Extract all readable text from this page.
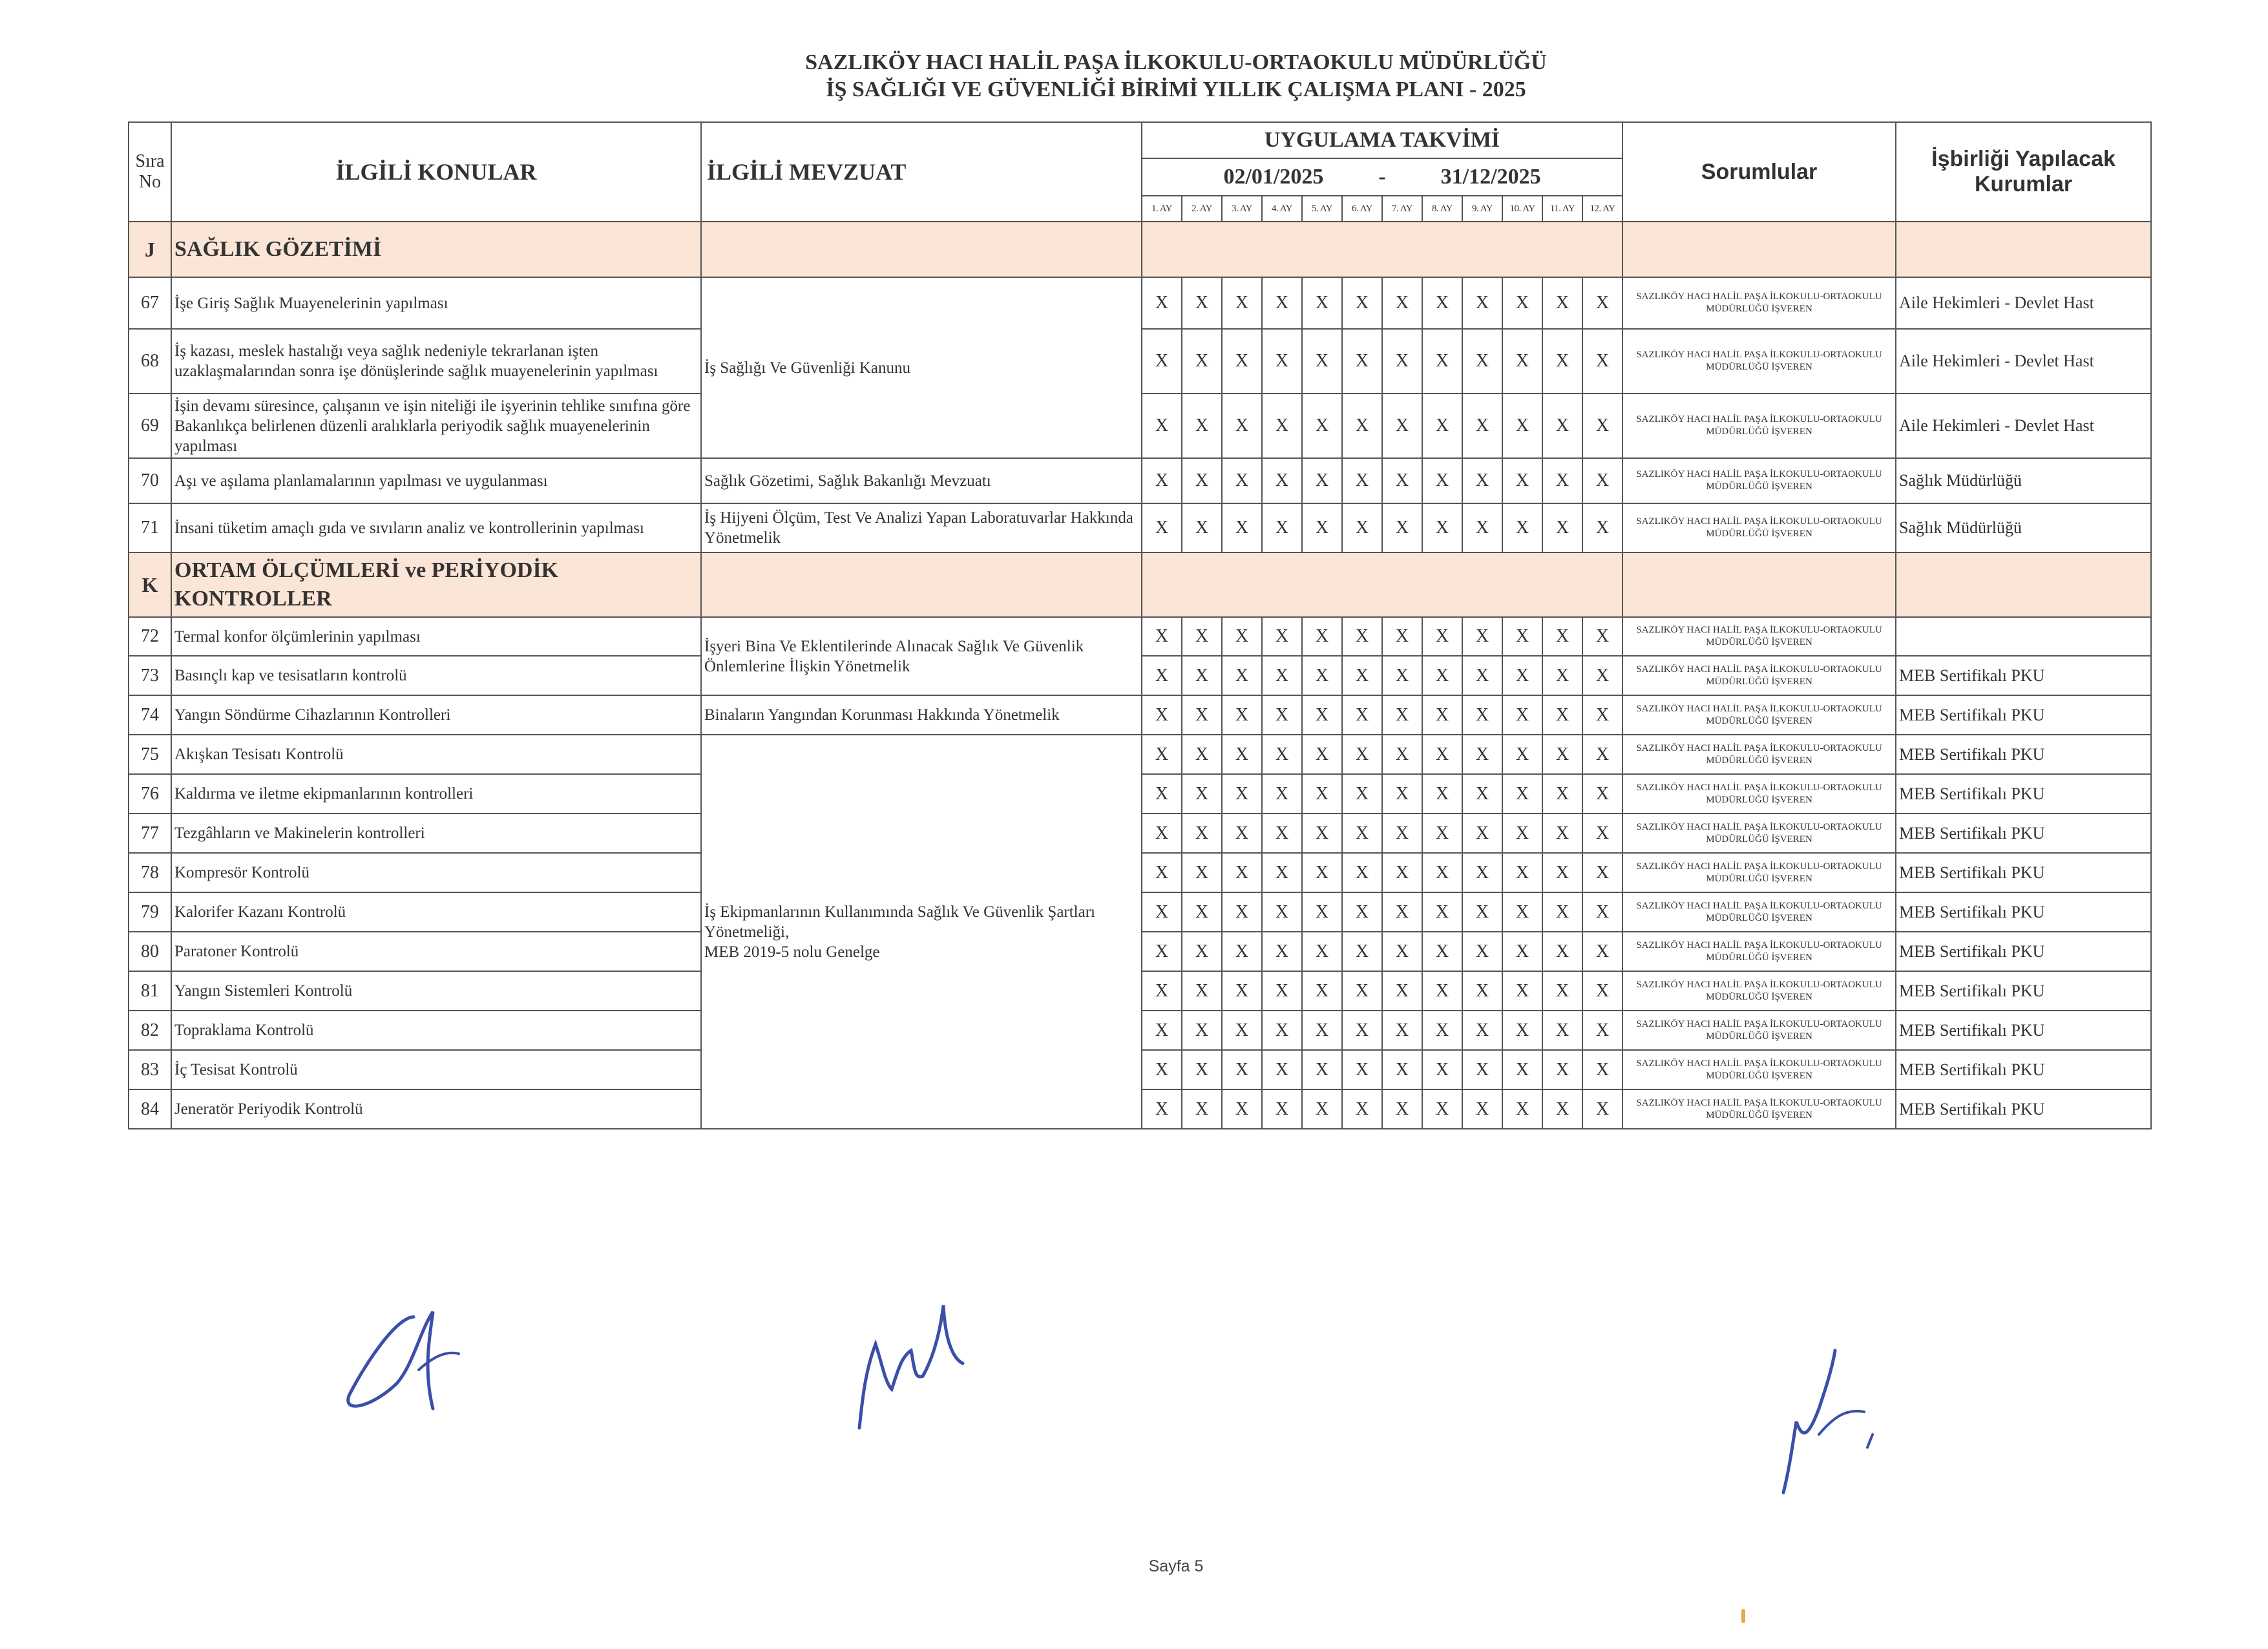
SAZLIKÖY HACI HALİL PAŞA İLKOKULU-ORTAOKULU MÜDÜRLÜĞÜ
İŞ SAĞLIĞI VE GÜVENLİĞİ BİRİMİ YILLIK ÇALIŞMA PLANI - 2025
Sıra No	İLGİLİ KONULAR	İLGİLİ MEVZUAT	UYGULAMA TAKVİMİ												Sorumlular	İşbirliği Yapılacak Kurumlar
			02/01/2025 - 31/12/2025													
			1. AY	2. AY	3. AY	4. AY	5. AY	6. AY	7. AY	8. AY	9. AY	10. AY	11. AY	12. AY		
J	SAĞLIK GÖZETİMİ															
67	İşe Giriş Sağlık Muayenelerinin yapılması	İş Sağlığı Ve Güvenliği Kanunu	X	X	X	X	X	X	X	X	X	X	X	X	SAZLIKÖY HACI HALİL PAŞA İLKOKULU-ORTAOKULU MÜDÜRLÜĞÜ İŞVEREN	Aile Hekimleri - Devlet Hast
68	İş kazası, meslek hastalığı veya sağlık nedeniyle tekrarlanan işten uzaklaşmalarından sonra işe dönüşlerinde sağlık muayenelerinin yapılması		X	X	X	X	X	X	X	X	X	X	X	X	SAZLIKÖY HACI HALİL PAŞA İLKOKULU-ORTAOKULU MÜDÜRLÜĞÜ İŞVEREN	Aile Hekimleri - Devlet Hast
69	İşin devamı süresince, çalışanın ve işin niteliği ile işyerinin tehlike sınıfına göre Bakanlıkça belirlenen düzenli aralıklarla periyodik sağlık muayenelerinin yapılması		X	X	X	X	X	X	X	X	X	X	X	X	SAZLIKÖY HACI HALİL PAŞA İLKOKULU-ORTAOKULU MÜDÜRLÜĞÜ İŞVEREN	Aile Hekimleri - Devlet Hast
70	Aşı ve aşılama planlamalarının yapılması ve uygulanması	Sağlık Gözetimi, Sağlık Bakanlığı Mevzuatı	X	X	X	X	X	X	X	X	X	X	X	X	SAZLIKÖY HACI HALİL PAŞA İLKOKULU-ORTAOKULU MÜDÜRLÜĞÜ İŞVEREN	Sağlık Müdürlüğü
71	İnsani tüketim amaçlı gıda ve sıvıların analiz ve kontrollerinin yapılması	İş Hijyeni Ölçüm, Test Ve Analizi Yapan Laboratuvarlar Hakkında Yönetmelik	X	X	X	X	X	X	X	X	X	X	X	X	SAZLIKÖY HACI HALİL PAŞA İLKOKULU-ORTAOKULU MÜDÜRLÜĞÜ İŞVEREN	Sağlık Müdürlüğü
K	ORTAM ÖLÇÜMLERİ ve PERİYODİK KONTROLLER															
72	Termal konfor ölçümlerinin yapılması	İşyeri Bina Ve Eklentilerinde Alınacak Sağlık Ve Güvenlik Önlemlerine İlişkin Yönetmelik	X	X	X	X	X	X	X	X	X	X	X	X	SAZLIKÖY HACI HALİL PAŞA İLKOKULU-ORTAOKULU MÜDÜRLÜĞÜ İŞVEREN	
73	Basınçlı kap ve tesisatların kontrolü		X	X	X	X	X	X	X	X	X	X	X	X	SAZLIKÖY HACI HALİL PAŞA İLKOKULU-ORTAOKULU MÜDÜRLÜĞÜ İŞVEREN	MEB Sertifikalı PKU
74	Yangın Söndürme Cihazlarının Kontrolleri	Binaların Yangından Korunması Hakkında Yönetmelik	X	X	X	X	X	X	X	X	X	X	X	X	SAZLIKÖY HACI HALİL PAŞA İLKOKULU-ORTAOKULU MÜDÜRLÜĞÜ İŞVEREN	MEB Sertifikalı PKU
75	Akışkan Tesisatı Kontrolü	İş Ekipmanlarının Kullanımında Sağlık Ve Güvenlik Şartları Yönetmeliği,
MEB 2019-5 nolu Genelge	X	X	X	X	X	X	X	X	X	X	X	X	SAZLIKÖY HACI HALİL PAŞA İLKOKULU-ORTAOKULU MÜDÜRLÜĞÜ İŞVEREN	MEB Sertifikalı PKU
76	Kaldırma ve iletme ekipmanlarının kontrolleri		X	X	X	X	X	X	X	X	X	X	X	X	SAZLIKÖY HACI HALİL PAŞA İLKOKULU-ORTAOKULU MÜDÜRLÜĞÜ İŞVEREN	MEB Sertifikalı PKU
77	Tezgâhların ve Makinelerin kontrolleri		X	X	X	X	X	X	X	X	X	X	X	X	SAZLIKÖY HACI HALİL PAŞA İLKOKULU-ORTAOKULU MÜDÜRLÜĞÜ İŞVEREN	MEB Sertifikalı PKU
78	Kompresör Kontrolü		X	X	X	X	X	X	X	X	X	X	X	X	SAZLIKÖY HACI HALİL PAŞA İLKOKULU-ORTAOKULU MÜDÜRLÜĞÜ İŞVEREN	MEB Sertifikalı PKU
79	Kalorifer Kazanı Kontrolü		X	X	X	X	X	X	X	X	X	X	X	X	SAZLIKÖY HACI HALİL PAŞA İLKOKULU-ORTAOKULU MÜDÜRLÜĞÜ İŞVEREN	MEB Sertifikalı PKU
80	Paratoner Kontrolü		X	X	X	X	X	X	X	X	X	X	X	X	SAZLIKÖY HACI HALİL PAŞA İLKOKULU-ORTAOKULU MÜDÜRLÜĞÜ İŞVEREN	MEB Sertifikalı PKU
81	Yangın Sistemleri Kontrolü		X	X	X	X	X	X	X	X	X	X	X	X	SAZLIKÖY HACI HALİL PAŞA İLKOKULU-ORTAOKULU MÜDÜRLÜĞÜ İŞVEREN	MEB Sertifikalı PKU
82	Topraklama Kontrolü		X	X	X	X	X	X	X	X	X	X	X	X	SAZLIKÖY HACI HALİL PAŞA İLKOKULU-ORTAOKULU MÜDÜRLÜĞÜ İŞVEREN	MEB Sertifikalı PKU
83	İç Tesisat Kontrolü		X	X	X	X	X	X	X	X	X	X	X	X	SAZLIKÖY HACI HALİL PAŞA İLKOKULU-ORTAOKULU MÜDÜRLÜĞÜ İŞVEREN	MEB Sertifikalı PKU
84	Jeneratör Periyodik Kontrolü		X	X	X	X	X	X	X	X	X	X	X	X	SAZLIKÖY HACI HALİL PAŞA İLKOKULU-ORTAOKULU MÜDÜRLÜĞÜ İŞVEREN	MEB Sertifikalı PKU
Sayfa 5
